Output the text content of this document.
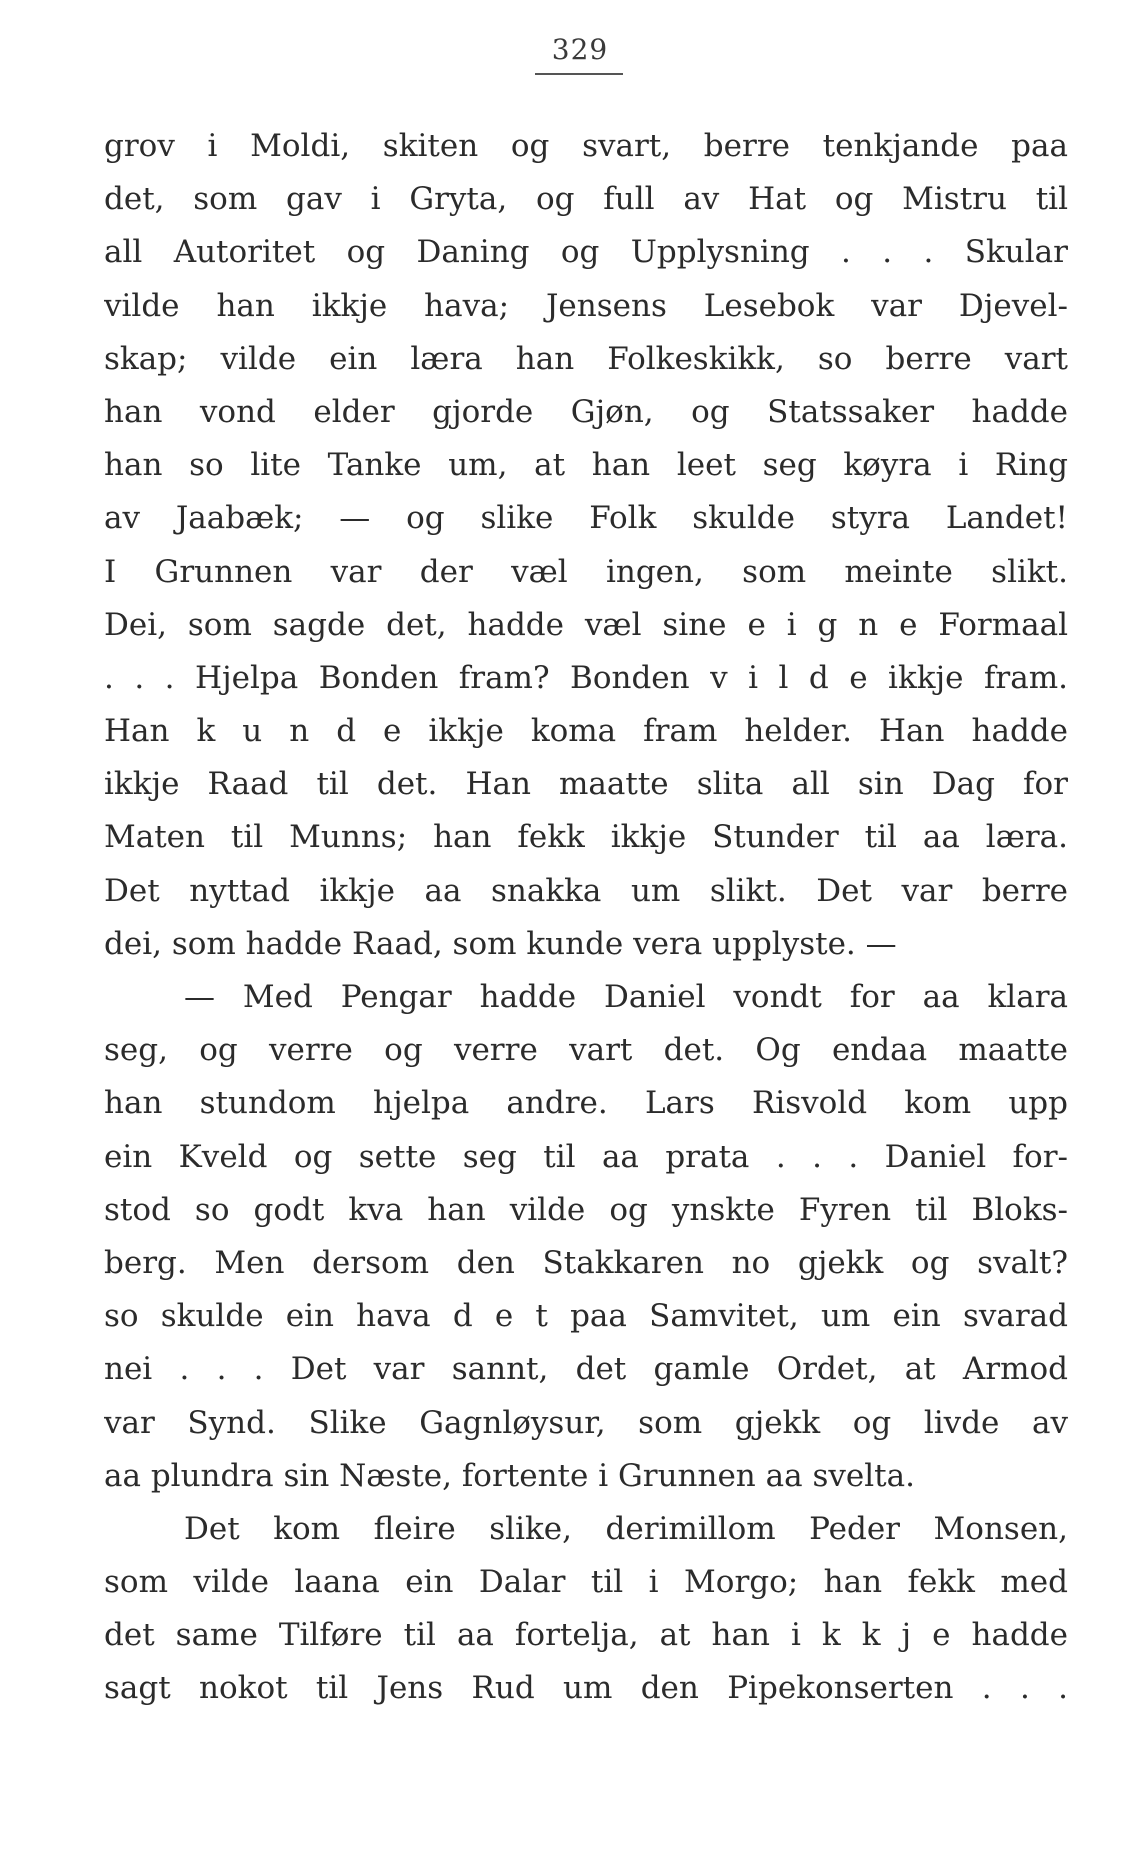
329
grov i Moldi, skiten og svart, berre tenkjande paa
det, som gav i Gryta, og full av Hat og Mistru til
all Autoritet og Daning og Upplysning . . . Skular
vilde han ikkje hava; Jensens Lesebok var Djevel-
skap; vilde ein læra han Folkeskikk, so berre vart
han vond elder gjorde Gjøn, og Statssaker hadde
han so lite Tanke um, at han leet seg køyra i Ring
av Jaabæk; — og slike Folk skulde styra Landet!
I Grunnen var der væl ingen, som meinte slikt.
Dei, som sagde det, hadde væl sine e i g n e Formaal
. . . Hjelpa Bonden fram? Bonden v i l d e ikkje fram.
Han k u n d e ikkje koma fram helder. Han hadde
ikkje Raad til det. Han maatte slita all sin Dag for
Maten til Munns; han fekk ikkje Stunder til aa læra.
Det nyttad ikkje aa snakka um slikt. Det var berre
dei, som hadde Raad, som kunde vera upplyste. —
— Med Pengar hadde Daniel vondt for aa klara
seg, og verre og verre vart det. Og endaa maatte
han stundom hjelpa andre. Lars Risvold kom upp
ein Kveld og sette seg til aa prata . . . Daniel for-
stod so godt kva han vilde og ynskte Fyren til Bloks-
berg. Men dersom den Stakkaren no gjekk og svalt?
so skulde ein hava d e t paa Samvitet, um ein svarad
nei . . . Det var sannt, det gamle Ordet, at Armod
var Synd. Slike Gagnløysur, som gjekk og livde av
aa plundra sin Næste, fortente i Grunnen aa svelta.
Det kom fleire slike, derimillom Peder Monsen,
som vilde laana ein Dalar til i Morgo; han fekk med
det same Tilføre til aa fortelja, at han i k k j e hadde
sagt nokot til Jens Rud um den Pipekonserten . . .
